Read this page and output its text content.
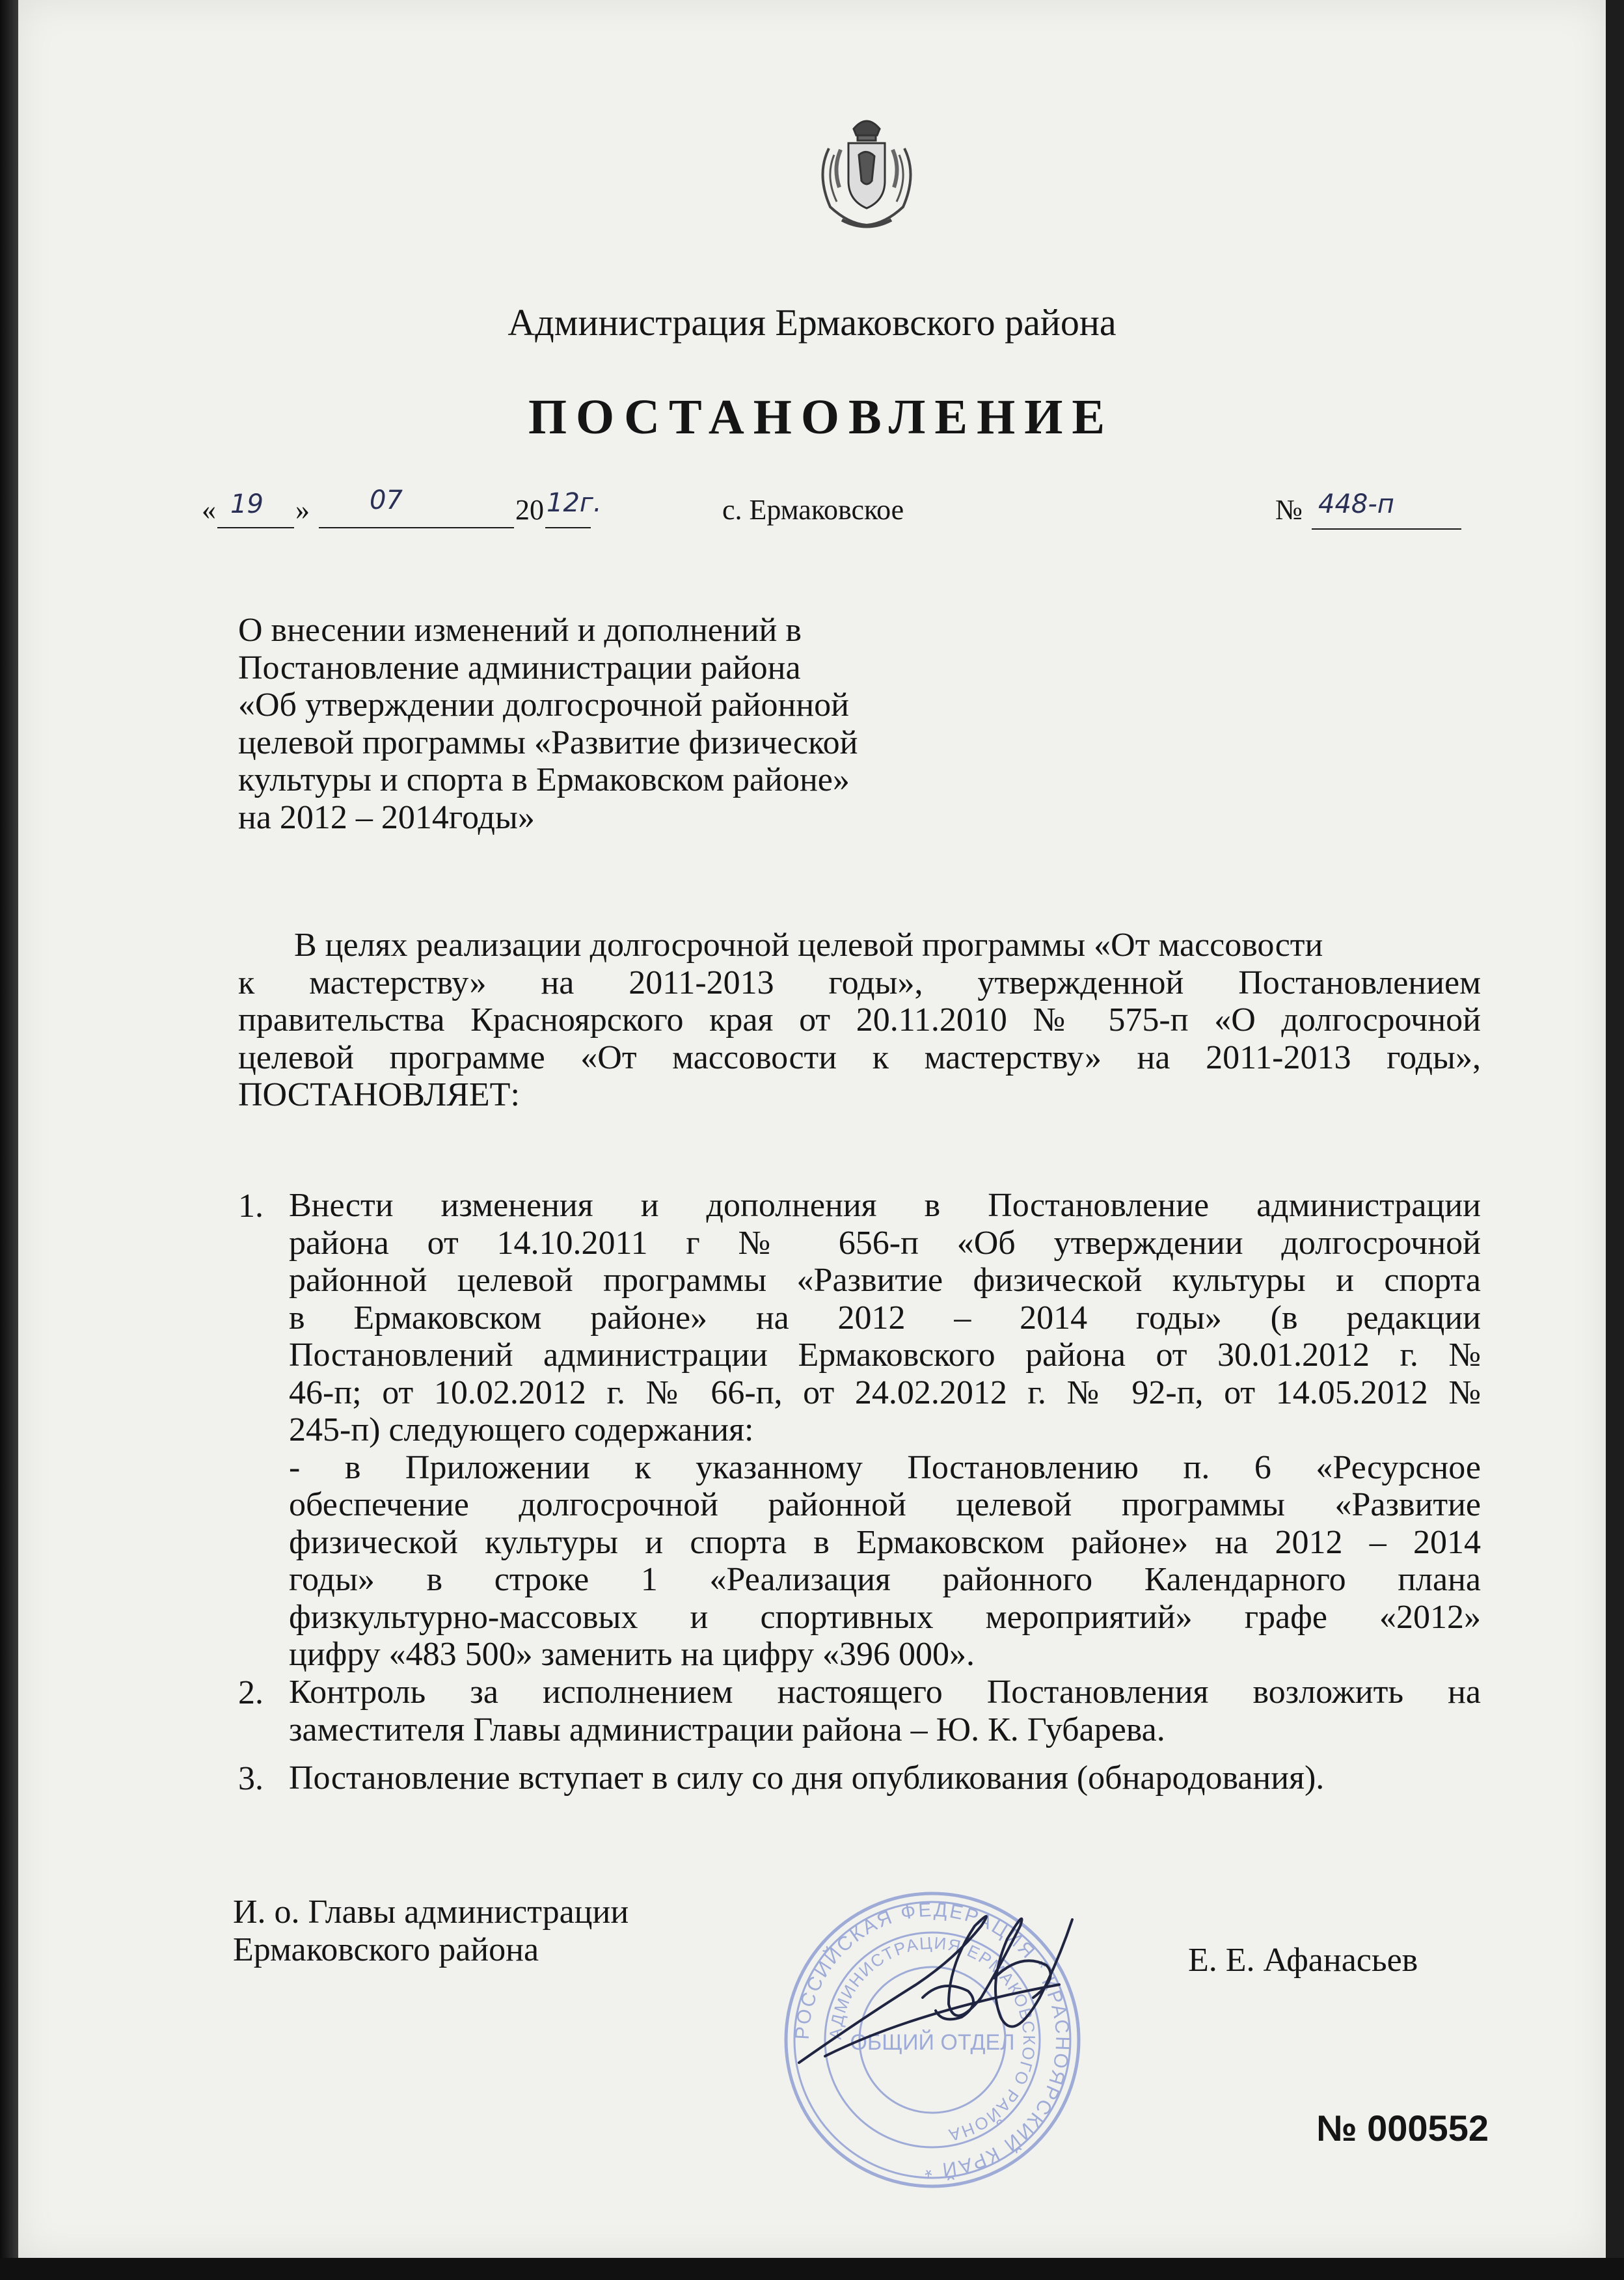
Администрация Ермаковского района
ПОСТАНОВЛЕНИЕ
« 19 » 07	20 12г.	с. Ермаковское	№ 448-п
О внесении изменений и дополнений в
Постановление администрации района
«Об утверждении долгосрочной районной
целевой программы «Развитие физической
культуры и спорта в Ермаковском районе»
на 2012 – 2014годы»
В целях реализации долгосрочной целевой программы «От массовости
к мастерству» на 2011-2013 годы», утвержденной Постановлением
правительства Красноярского края от 20.11.2010 № 575-п «О долгосрочной
целевой программе «От массовости к мастерству» на 2011-2013 годы»,
ПОСТАНОВЛЯЕТ:
1. Внести изменения и дополнения в Постановление администрации
района от 14.10.2011 г № 656-п «Об утверждении долгосрочной
районной целевой программы «Развитие физической культуры и спорта
в Ермаковском районе» на 2012 – 2014 годы» (в редакции
Постановлений администрации Ермаковского района от 30.01.2012 г. №
46-п; от 10.02.2012 г. № 66-п, от 24.02.2012 г. № 92-п, от 14.05.2012 №
245-п) следующего содержания:
- в Приложении к указанному Постановлению п. 6 «Ресурсное
обеспечение долгосрочной районной целевой программы «Развитие
физической культуры и спорта в Ермаковском районе» на 2012 – 2014
годы» в строке 1 «Реализация районного Календарного плана
физкультурно-массовых и спортивных мероприятий» графе «2012»
цифру «483 500» заменить на цифру «396 000».
2. Контроль за исполнением настоящего Постановления возложить на
заместителя Главы администрации района – Ю. К. Губарева.
3. Постановление вступает в силу со дня опубликования (обнародования).
РОССИЙСКАЯ ФЕДЕРАЦИЯ * КРАСНОЯРСКИЙ КРАЙ *
АДМИНИСТРАЦИЯ ЕРМАКОВСКОГО РАЙОНА
ОБЩИЙ ОТДЕЛ
И. о. Главы администрации
Ермаковского района	Е. Е. Афанасьев
№ 000552
